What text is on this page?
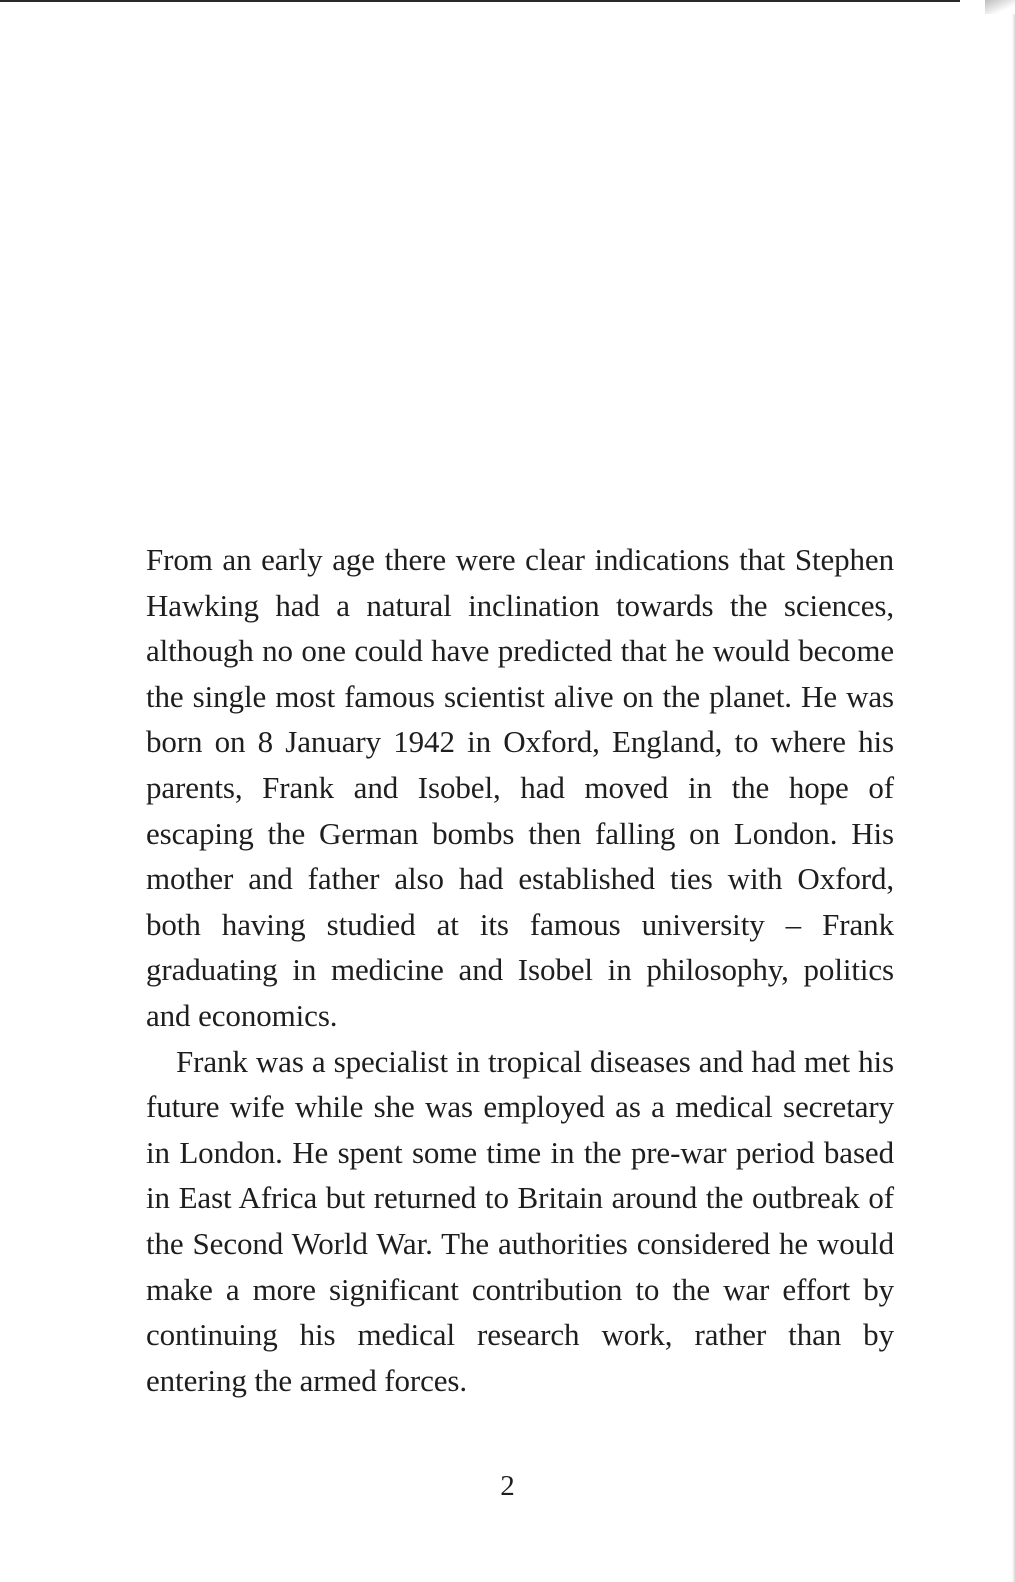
From an early age there were clear indications that Stephen Hawking had a natural inclination towards the sciences, although no one could have predicted that he would become the single most famous scientist alive on the planet. He was born on 8 January 1942 in Oxford, England, to where his parents, Frank and Isobel, had moved in the hope of escaping the German bombs then falling on London. His mother and father also had established ties with Oxford, both having studied at its famous university – Frank graduating in medicine and Isobel in philosophy, politics and economics.

Frank was a specialist in tropical diseases and had met his future wife while she was employed as a medical secretary in London. He spent some time in the pre-war period based in East Africa but returned to Britain around the outbreak of the Second World War. The authorities considered he would make a more significant contribution to the war effort by continuing his medical research work, rather than by entering the armed forces.

2
